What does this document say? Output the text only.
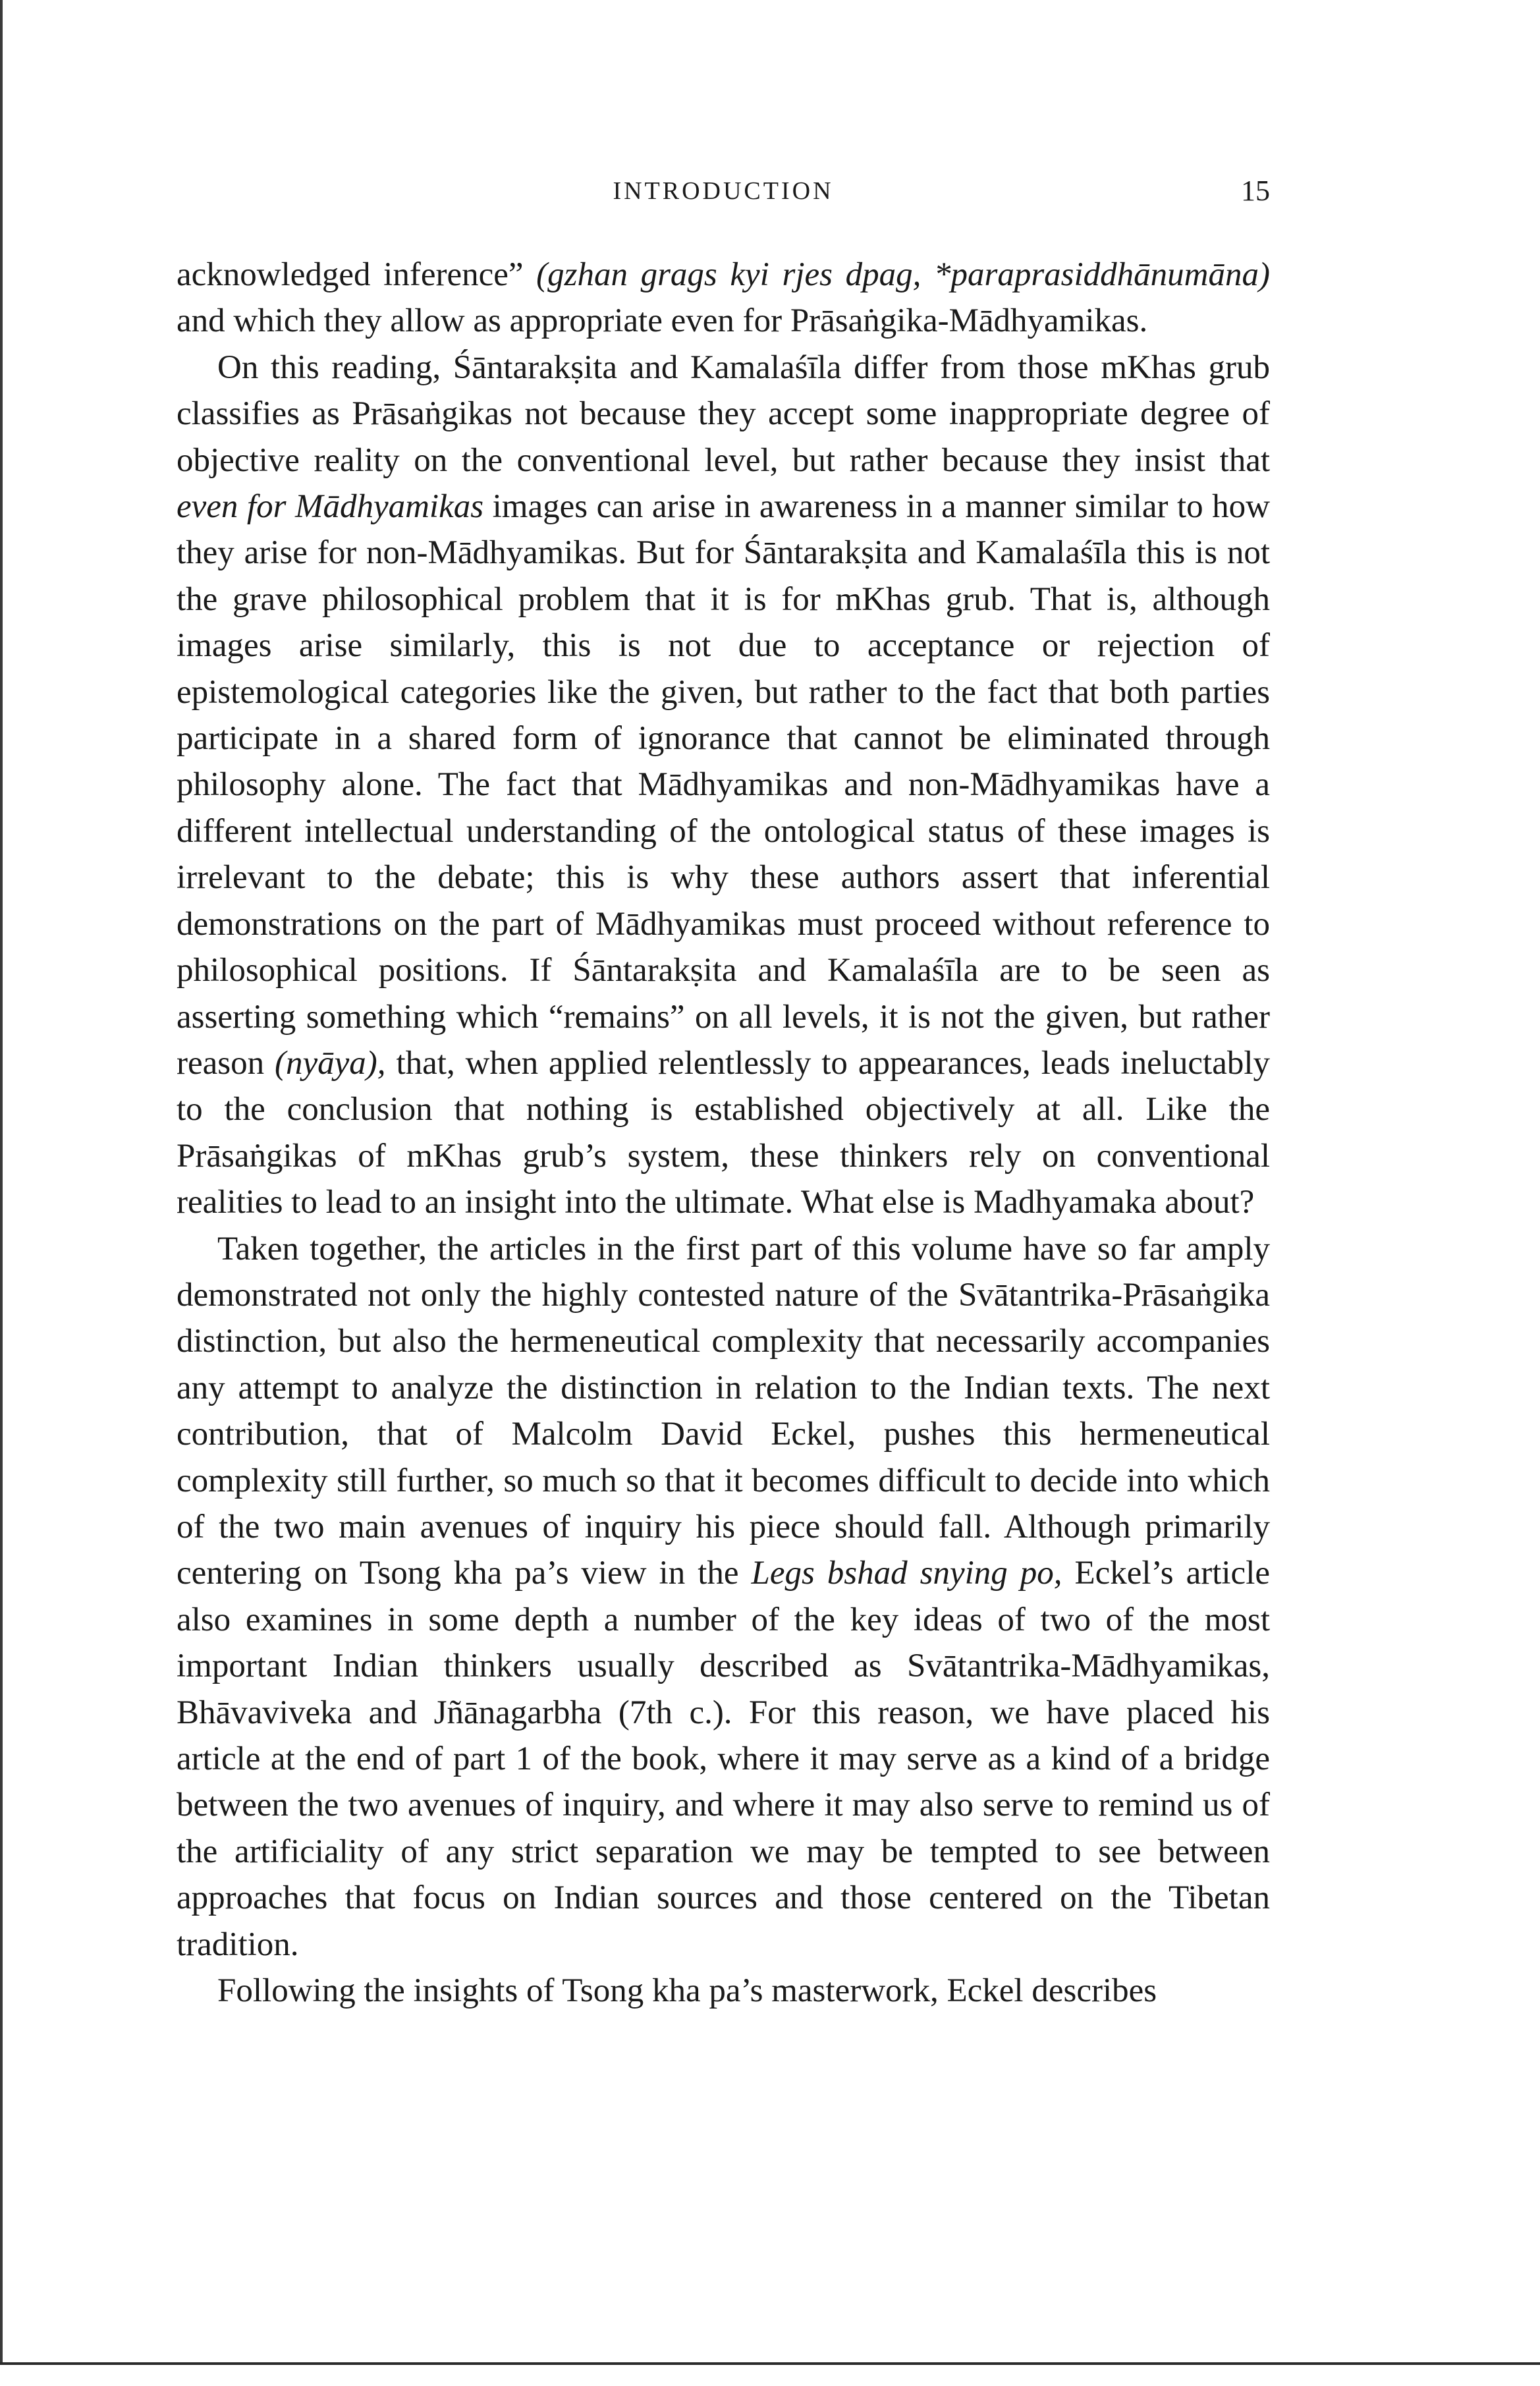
INTRODUCTION	15

acknowledged inference” (gzhan grags kyi rjes dpag, *paraprasiddhānumāna) and which they allow as appropriate even for Prāsaṅgika-Mādhyamikas.

On this reading, Śāntarakṣita and Kamalaśīla differ from those mKhas grub classifies as Prāsaṅgikas not because they accept some inappropriate degree of objective reality on the conventional level, but rather because they insist that even for Mādhyamikas images can arise in awareness in a manner similar to how they arise for non-Mādhyamikas. But for Śāntarakṣita and Kamalaśīla this is not the grave philosophical problem that it is for mKhas grub. That is, although images arise similarly, this is not due to acceptance or rejection of epistemological categories like the given, but rather to the fact that both parties participate in a shared form of ignorance that cannot be eliminated through philosophy alone. The fact that Mādhyamikas and non-Mādhyamikas have a different intellectual understanding of the ontological status of these images is irrelevant to the debate; this is why these authors assert that inferential demonstrations on the part of Mādhyamikas must proceed without reference to philosophical positions. If Śāntarakṣita and Kamalaśīla are to be seen as asserting something which “remains” on all levels, it is not the given, but rather reason (nyāya), that, when applied relentlessly to appearances, leads ineluctably to the conclusion that nothing is established objectively at all. Like the Prāsaṅgikas of mKhas grub’s system, these thinkers rely on conventional realities to lead to an insight into the ultimate. What else is Madhyamaka about?

Taken together, the articles in the first part of this volume have so far amply demonstrated not only the highly contested nature of the Svātantrika-Prāsaṅgika distinction, but also the hermeneutical complexity that necessarily accompanies any attempt to analyze the distinction in relation to the Indian texts. The next contribution, that of Malcolm David Eckel, pushes this hermeneutical complexity still further, so much so that it becomes difficult to decide into which of the two main avenues of inquiry his piece should fall. Although primarily centering on Tsong kha pa’s view in the Legs bshad snying po, Eckel’s article also examines in some depth a number of the key ideas of two of the most important Indian thinkers usually described as Svātantrika-Mādhyamikas, Bhāvaviveka and Jñānagarbha (7th c.). For this reason, we have placed his article at the end of part 1 of the book, where it may serve as a kind of a bridge between the two avenues of inquiry, and where it may also serve to remind us of the artificiality of any strict separation we may be tempted to see between approaches that focus on Indian sources and those centered on the Tibetan tradition.

Following the insights of Tsong kha pa’s masterwork, Eckel describes
